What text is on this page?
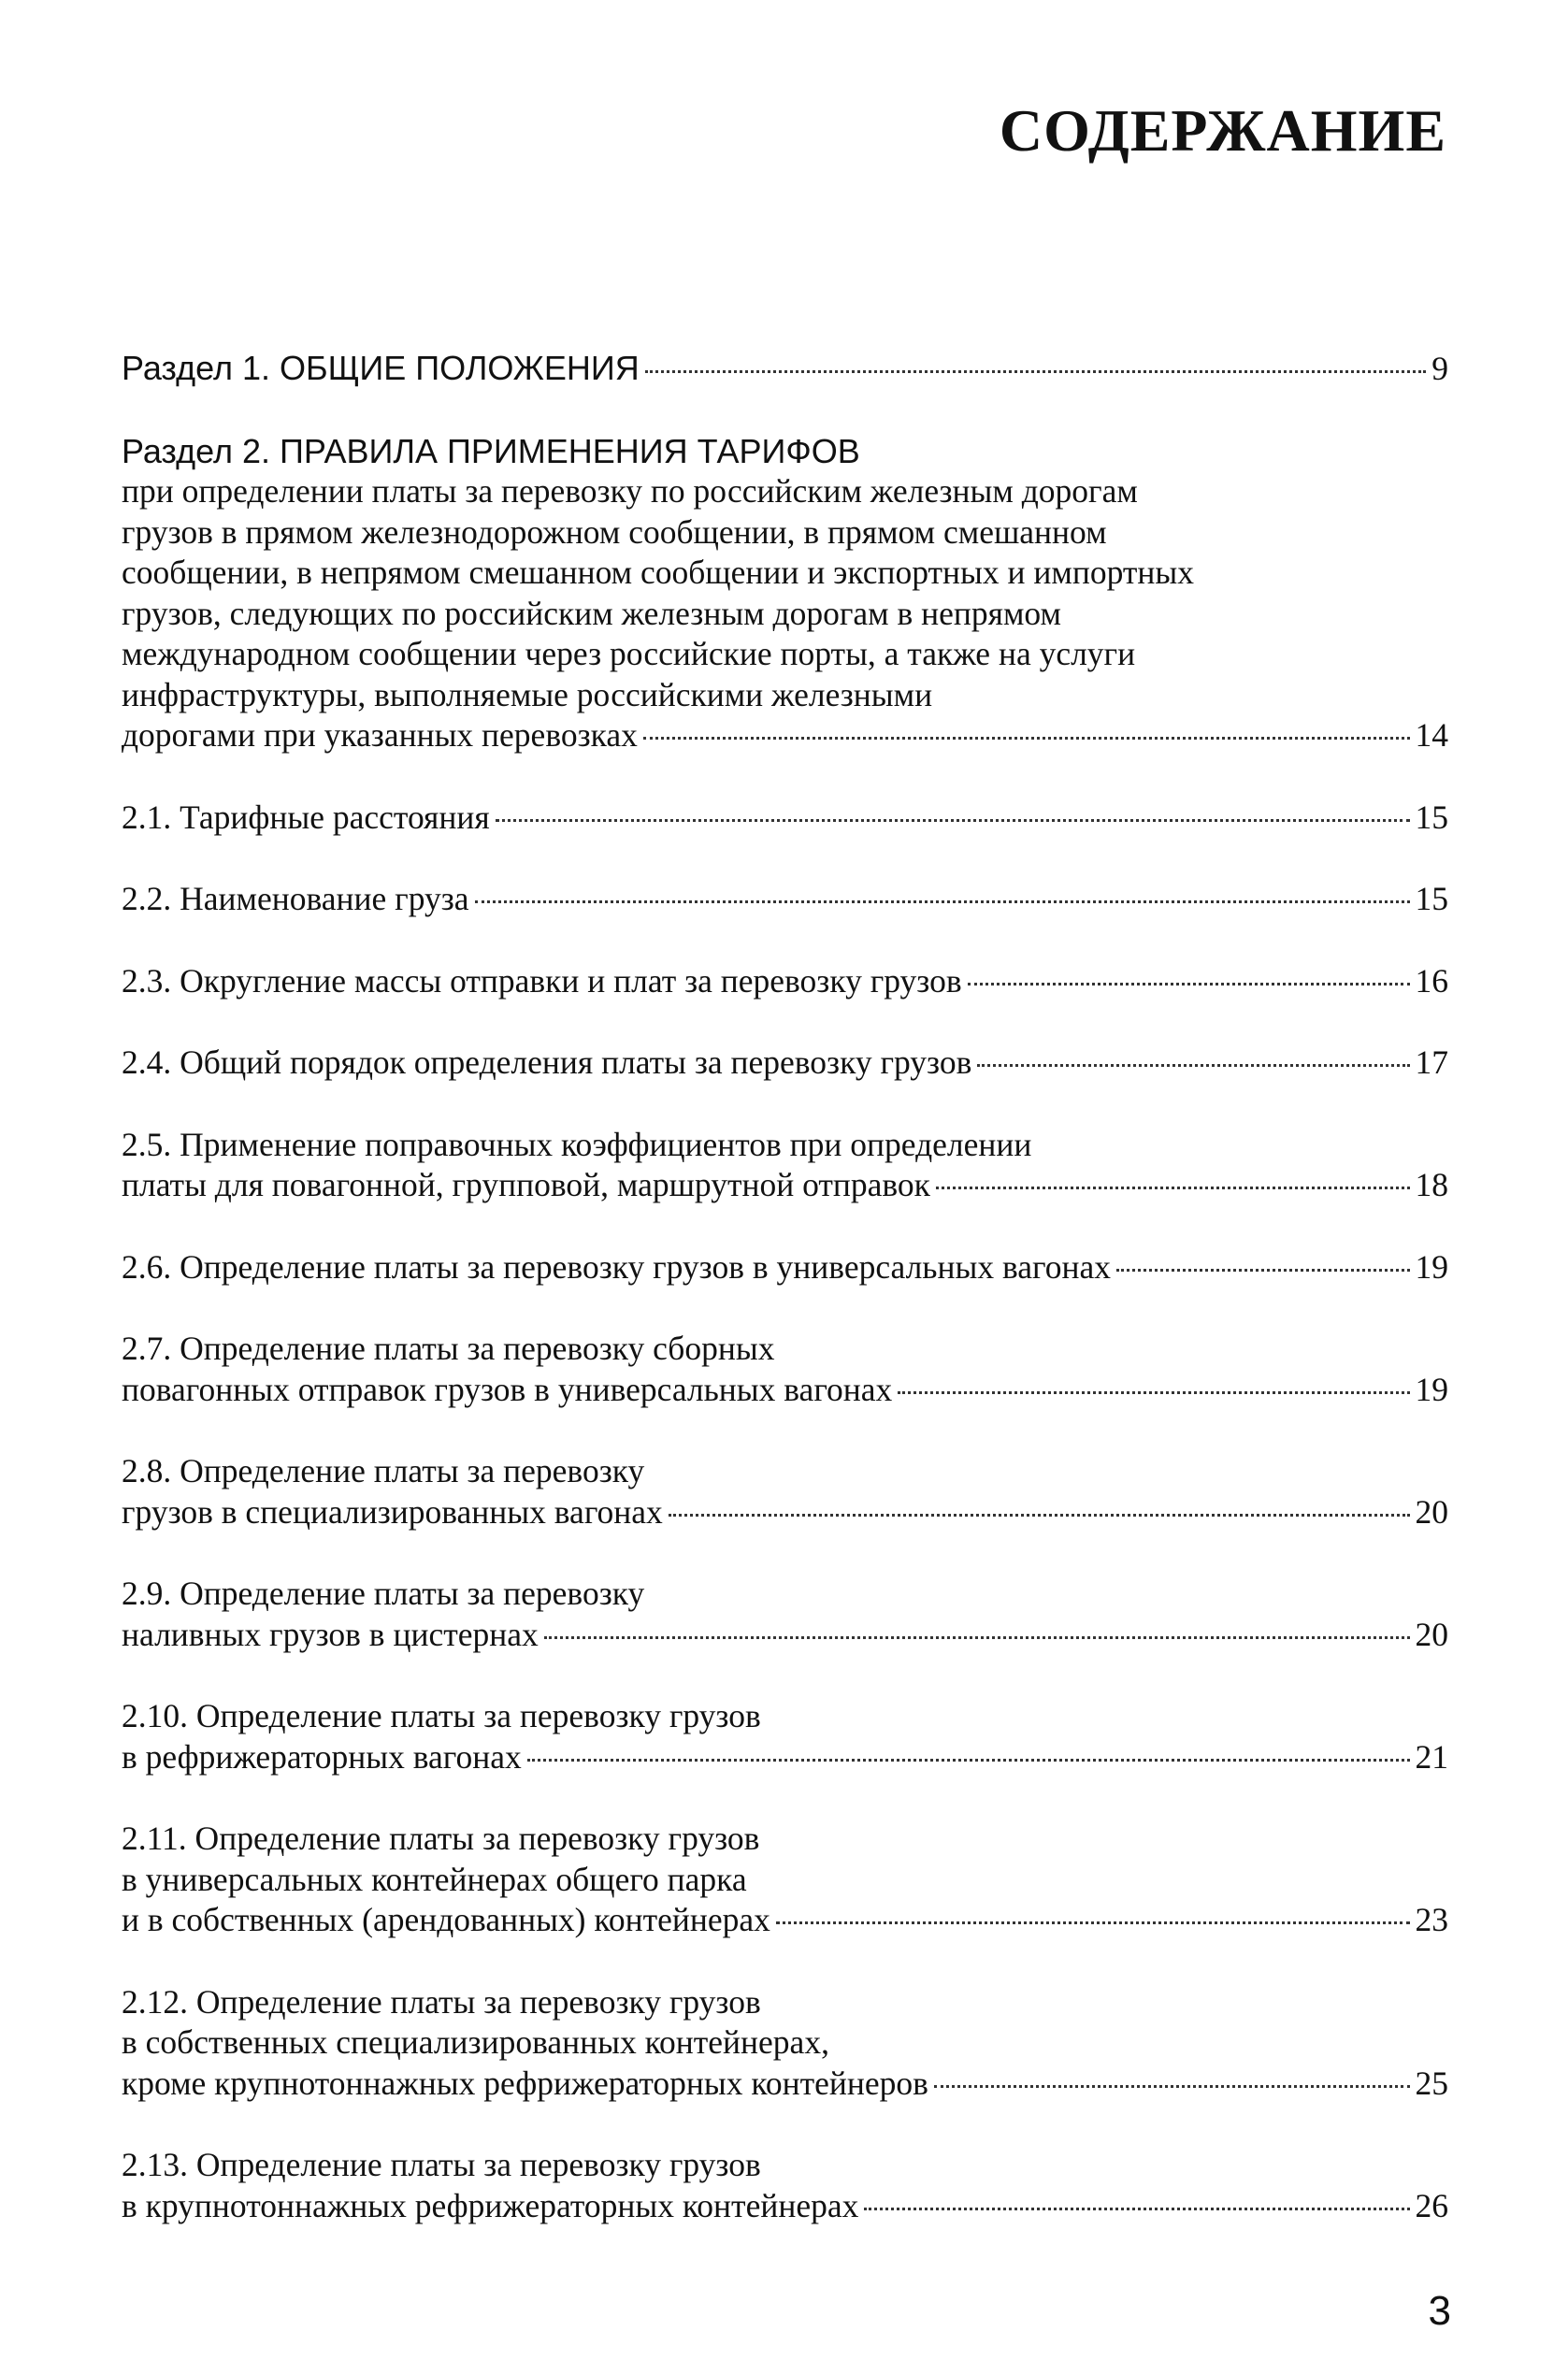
СОДЕРЖАНИЕ
Раздел 1. ОБЩИЕ ПОЛОЖЕНИЯ	9
Раздел 2. ПРАВИЛА ПРИМЕНЕНИЯ ТАРИФОВ
при определении платы за перевозку по российским железным дорогам
грузов в прямом железнодорожном сообщении, в прямом смешанном
сообщении, в непрямом смешанном сообщении и экспортных и импортных
грузов, следующих по российским железным дорогам в непрямом
международном сообщении через российские порты, а также на услуги
инфраструктуры, выполняемые российскими железными
дорогами при указанных перевозках	14
2.1. Тарифные расстояния	15
2.2. Наименование груза	15
2.3. Округление массы отправки и плат за перевозку грузов	16
2.4. Общий порядок определения платы за перевозку грузов	17
2.5. Применение поправочных коэффициентов при определении
платы для повагонной, групповой, маршрутной отправок	18
2.6. Определение платы за перевозку грузов в универсальных вагонах	19
2.7. Определение платы за перевозку сборных
повагонных отправок грузов в универсальных вагонах	19
2.8. Определение платы за перевозку
грузов в специализированных вагонах	20
2.9. Определение платы за перевозку
наливных грузов в цистернах	20
2.10. Определение платы за перевозку грузов
в рефрижераторных вагонах	21
2.11. Определение платы за перевозку грузов
в универсальных контейнерах общего парка
и в собственных (арендованных) контейнерах	23
2.12. Определение платы за перевозку грузов
в собственных специализированных контейнерах,
кроме крупнотоннажных рефрижераторных контейнеров	25
2.13. Определение платы за перевозку грузов
в крупнотоннажных рефрижераторных контейнерах	26
3
